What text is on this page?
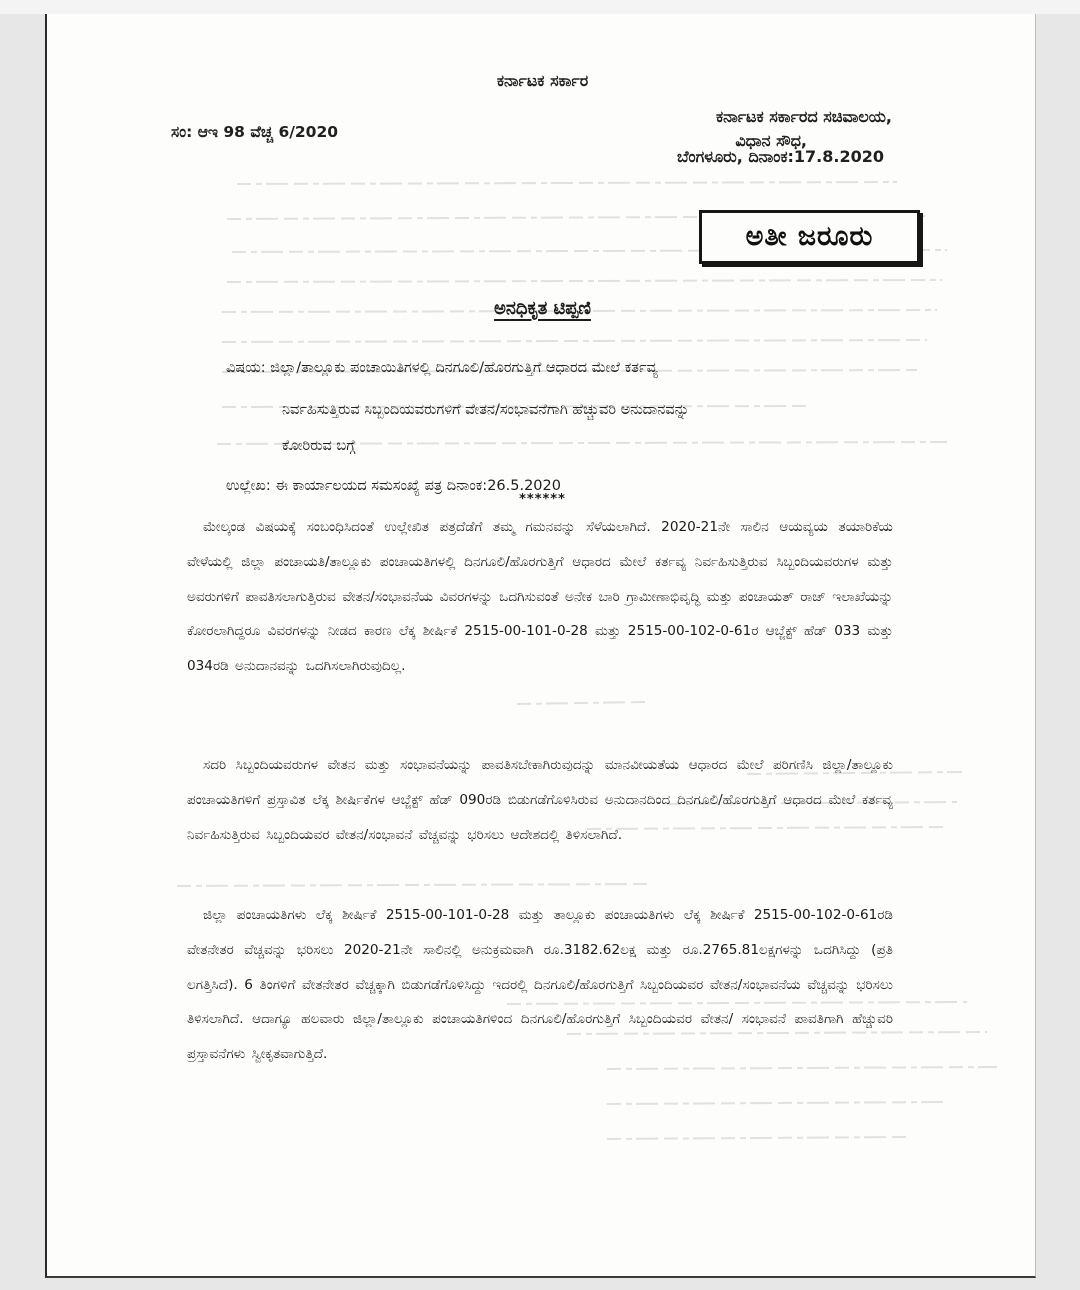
ಕರ್ನಾಟಕ ಸರ್ಕಾರ
ಸಂ: ಆಇ 98 ವೆಚ್ಚ 6/2020
ಕರ್ನಾಟಕ ಸರ್ಕಾರದ ಸಚಿವಾಲಯ,
ವಿಧಾನ ಸೌಧ,
ಬೆಂಗಳೂರು, ದಿನಾಂಕ:17.8.2020
ಅತೀ ಜರೂರು
ಅನಧಿಕೃತ ಟಿಪ್ಪಣಿ
ವಿಷಯ: ಜಿಲ್ಲಾ/ತಾಲ್ಲೂಕು ಪಂಚಾಯಿತಿಗಳಲ್ಲಿ ದಿನಗೂಲಿ/ಹೊರಗುತ್ತಿಗೆ ಆಧಾರದ ಮೇಲೆ ಕರ್ತವ್ಯ
ನಿರ್ವಹಿಸುತ್ತಿರುವ ಸಿಬ್ಬಂದಿಯವರುಗಳಿಗೆ ವೇತನ/ಸಂಭಾವನೆಗಾಗಿ ಹೆಚ್ಚುವರಿ ಅನುದಾನವನ್ನು
ಕೋರಿರುವ ಬಗ್ಗೆ
ಉಲ್ಲೇಖ: ಈ ಕಾರ್ಯಾಲಯದ ಸಮಸಂಖ್ಯೆ ಪತ್ರ ದಿನಾಂಕ:26.5.2020
******

ಮೇಲ್ಕಂಡ ವಿಷಯಕ್ಕೆ ಸಂಬಂಧಿಸಿದಂತೆ ಉಲ್ಲೇಖಿತ ಪತ್ರದೆಡೆಗೆ ತಮ್ಮ ಗಮನವನ್ನು ಸೆಳೆಯಲಾಗಿದೆ. 2020-21ನೇ ಸಾಲಿನ ಆಯವ್ಯಯ ತಯಾರಿಕೆಯ ವೇಳೆಯಲ್ಲಿ ಜಿಲ್ಲಾ ಪಂಚಾಯತಿ/ತಾಲ್ಲೂಕು ಪಂಚಾಯತಿಗಳಲ್ಲಿ ದಿನಗೂಲಿ/ಹೊರಗುತ್ತಿಗೆ ಆಧಾರದ ಮೇಲೆ ಕರ್ತವ್ಯ ನಿರ್ವಹಿಸುತ್ತಿರುವ ಸಿಬ್ಬಂದಿಯವರುಗಳ ಮತ್ತು ಅವರುಗಳಿಗೆ ಪಾವತಿಸಲಾಗುತ್ತಿರುವ ವೇತನ/ಸಂಭಾವನೆಯ ವಿವರಗಳನ್ನು ಒದಗಿಸುವಂತೆ ಅನೇಕ ಬಾರಿ ಗ್ರಾಮೀಣಾಭಿವೃದ್ಧಿ ಮತ್ತು ಪಂಚಾಯತ್ ರಾಜ್ ಇಲಾಖೆಯನ್ನು ಕೋರಲಾಗಿದ್ದರೂ ವಿವರಗಳನ್ನು ನೀಡದ ಕಾರಣ ಲೆಕ್ಕ ಶೀರ್ಷಿಕೆ 2515-00-101-0-28 ಮತ್ತು 2515-00-102-0-61ರ ಆಬ್ಜೆಕ್ಟ್ ಹೆಡ್ 033 ಮತ್ತು 034ರಡಿ ಅನುದಾನವನ್ನು ಒದಗಿಸಲಾಗಿರುವುದಿಲ್ಲ.

ಸದರಿ ಸಿಬ್ಬಂದಿಯವರುಗಳ ವೇತನ ಮತ್ತು ಸಂಭಾವನೆಯನ್ನು ಪಾವತಿಸಬೇಕಾಗಿರುವುದನ್ನು ಮಾನವೀಯತೆಯ ಆಧಾರದ ಮೇಲೆ ಪರಿಗಣಿಸಿ ಜಿಲ್ಲಾ/ತಾಲ್ಲೂಕು ಪಂಚಾಯತಿಗಳಿಗೆ ಪ್ರಸ್ತಾವಿತ ಲೆಕ್ಕ ಶೀರ್ಷಿಕೆಗಳ ಆಬ್ಜೆಕ್ಟ್ ಹೆಡ್ 090ರಡಿ ಬಿಡುಗಡೆಗೊಳಿಸಿರುವ ಅನುದಾನದಿಂದ ದಿನಗೂಲಿ/ಹೊರಗುತ್ತಿಗೆ ಆಧಾರದ ಮೇಲೆ ಕರ್ತವ್ಯ ನಿರ್ವಹಿಸುತ್ತಿರುವ ಸಿಬ್ಬಂದಿಯವರ ವೇತನ/ಸಂಭಾವನೆ ವೆಚ್ಚವನ್ನು ಭರಿಸಲು ಆದೇಶದಲ್ಲಿ ತಿಳಿಸಲಾಗಿದೆ.

ಜಿಲ್ಲಾ ಪಂಚಾಯತಿಗಳು ಲೆಕ್ಕ ಶೀರ್ಷಿಕೆ 2515-00-101-0-28 ಮತ್ತು ತಾಲ್ಲೂಕು ಪಂಚಾಯತಿಗಳು ಲೆಕ್ಕ ಶೀರ್ಷಿಕೆ 2515-00-102-0-61ರಡಿ ವೇತನೇತರ ವೆಚ್ಚವನ್ನು ಭರಿಸಲು 2020-21ನೇ ಸಾಲಿನಲ್ಲಿ ಅನುಕ್ರಮವಾಗಿ ರೂ.3182.62ಲಕ್ಷ ಮತ್ತು ರೂ.2765.81ಲಕ್ಷಗಳನ್ನು ಒದಗಿಸಿದ್ದು (ಪ್ರತಿ ಲಗತ್ತಿಸಿದೆ). 6 ತಿಂಗಳಿಗೆ ವೇತನೇತರ ವೆಚ್ಚಕ್ಕಾಗಿ ಬಿಡುಗಡೆಗೊಳಿಸಿದ್ದು ಇದರಲ್ಲಿ ದಿನಗೂಲಿ/ಹೊರಗುತ್ತಿಗೆ ಸಿಬ್ಬಂದಿಯವರ ವೇತನ/ಸಂಭಾವನೆಯ ವೆಚ್ಚವನ್ನು ಭರಿಸಲು ತಿಳಿಸಲಾಗಿದೆ. ಆದಾಗ್ಯೂ ಹಲವಾರು ಜಿಲ್ಲಾ/ತಾಲ್ಲೂಕು ಪಂಚಾಯತಿಗಳಿಂದ ದಿನಗೂಲಿ/ಹೊರಗುತ್ತಿಗೆ ಸಿಬ್ಬಂದಿಯವರ ವೇತನ/ ಸಂಭಾವನೆ ಪಾವತಿಗಾಗಿ ಹೆಚ್ಚುವರಿ ಪ್ರಸ್ತಾವನೆಗಳು ಸ್ವೀಕೃತವಾಗುತ್ತಿದೆ.
